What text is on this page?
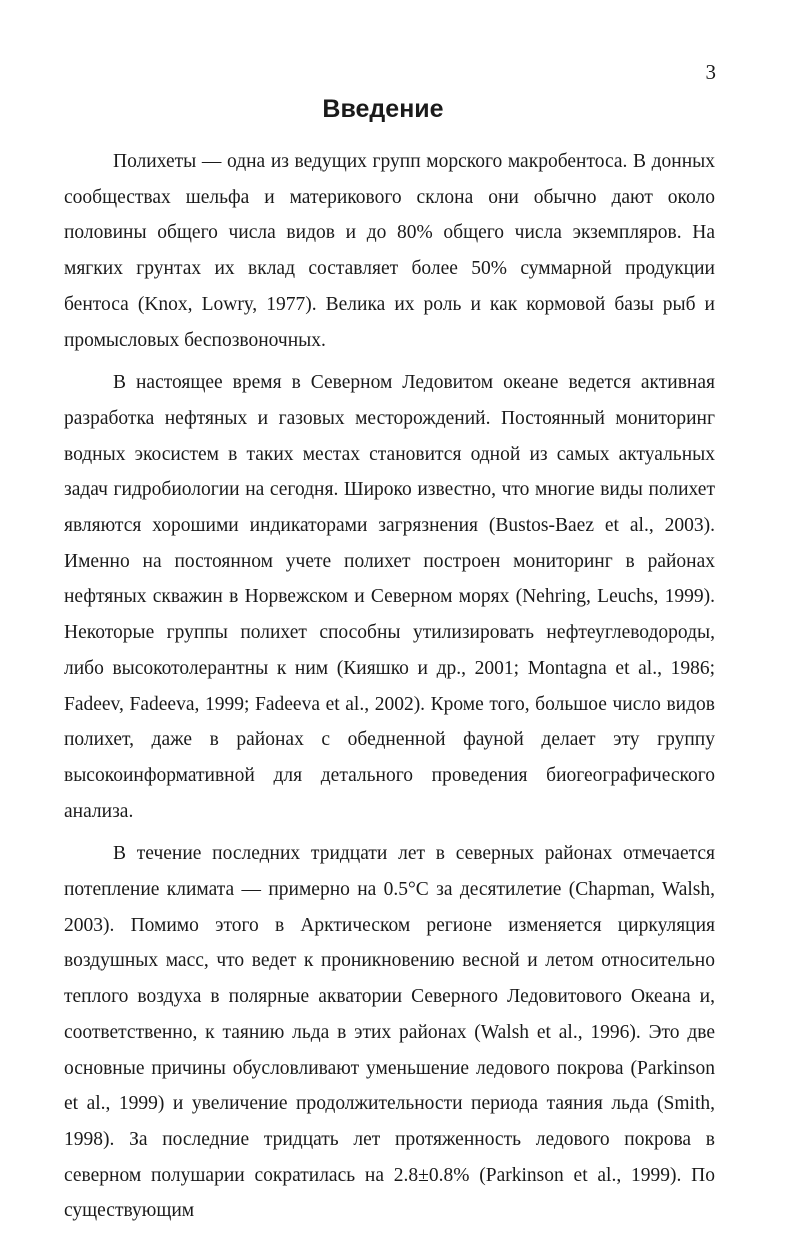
3
Введение

Полихеты — одна из ведущих групп морского макробентоса. В донных сообществах шельфа и материкового склона они обычно дают около половины общего числа видов и до 80% общего числа экземпляров. На мягких грунтах их вклад составляет более 50% суммарной продукции бентоса (Knox, Lowry, 1977). Велика их роль и как кормовой базы рыб и промысловых беспозвоночных.

В настоящее время в Северном Ледовитом океане ведется активная разработка нефтяных и газовых месторождений. Постоянный мониторинг водных экосистем в таких местах становится одной из самых актуальных задач гидробиологии на сегодня. Широко известно, что многие виды полихет являются хорошими индикаторами загрязнения (Bustos-Baez et al., 2003). Именно на постоянном учете полихет построен мониторинг в районах нефтяных скважин в Норвежском и Северном морях (Nehring, Leuchs, 1999). Некоторые группы полихет способны утилизировать нефтеуглеводороды, либо высокотолерантны к ним (Кияшко и др., 2001; Montagna et al., 1986; Fadeev, Fadeeva, 1999; Fadeeva et al., 2002). Кроме того, большое число видов полихет, даже в районах с обедненной фауной делает эту группу высокоинформативной для детального проведения биогеографического анализа.

В течение последних тридцати лет в северных районах отмечается потепление климата — примерно на 0.5°С за десятилетие (Chapman, Walsh, 2003). Помимо этого в Арктическом регионе изменяется циркуляция воздушных масс, что ведет к проникновению весной и летом относительно теплого воздуха в полярные акватории Северного Ледовитового Океана и, соответственно, к таянию льда в этих районах (Walsh et al., 1996). Это две основные причины обусловливают уменьшение ледового покрова (Parkinson et al., 1999) и увеличение продолжительности периода таяния льда (Smith, 1998). За последние тридцать лет протяженность ледового покрова в северном полушарии сократилась на 2.8±0.8% (Parkinson et al., 1999). По существующим
